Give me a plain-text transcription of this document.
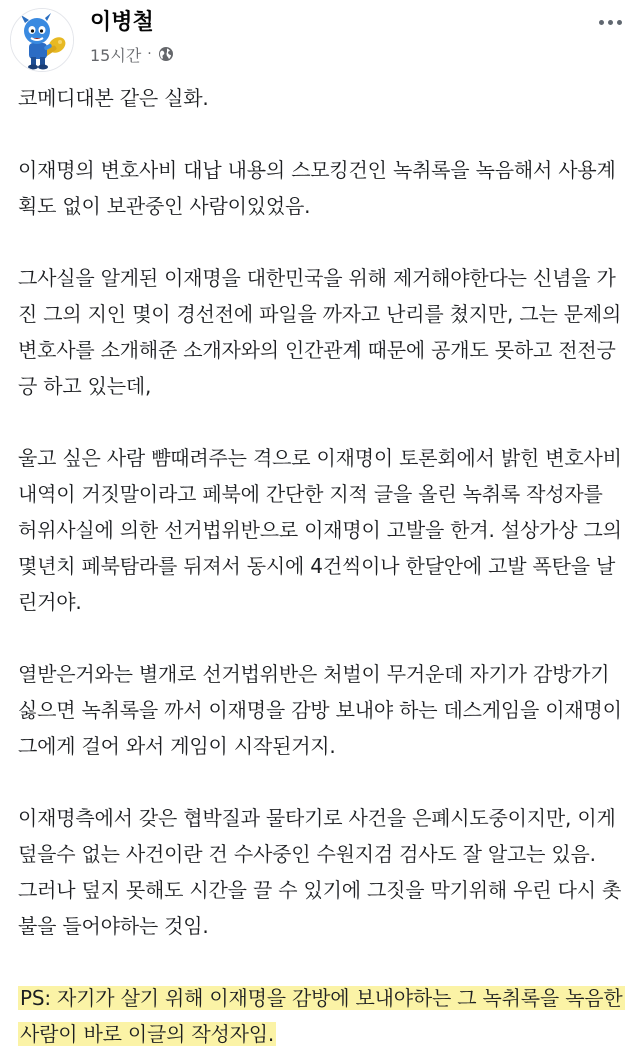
이병철
15시간 ·

코메디대본 같은 실화.

이재명의 변호사비 대납 내용의 스모킹건인 녹취록을 녹음해서 사용계획도 없이 보관중인 사람이있었음.

그사실을 알게된 이재명을 대한민국을 위해 제거해야한다는 신념을 가진 그의 지인 몇이 경선전에 파일을 까자고 난리를 쳤지만, 그는 문제의 변호사를 소개해준 소개자와의 인간관계 때문에 공개도 못하고 전전긍긍 하고 있는데,

울고 싶은 사람 뺨때려주는 격으로 이재명이 토론회에서 밝힌 변호사비 내역이 거짓말이라고 페북에 간단한 지적 글을 올린 녹취록 작성자를 허위사실에 의한 선거법위반으로 이재명이 고발을 한겨. 설상가상 그의 몇년치 페북탐라를 뒤져서 동시에 4건씩이나 한달안에 고발 폭탄을 날린거야.

열받은거와는 별개로 선거법위반은 처벌이 무거운데 자기가 감방가기 싫으면 녹취록을 까서 이재명을 감방 보내야 하는 데스게임을 이재명이 그에게 걸어 와서 게임이 시작된거지.

이재명측에서 갖은 협박질과 물타기로 사건을 은폐시도중이지만, 이게 덮을수 없는 사건이란 건 수사중인 수원지검 검사도 잘 알고는 있음.
그러나 덮지 못해도 시간을 끌 수 있기에 그짓을 막기위해 우린 다시 촛불을 들어야하는 것임.

PS: 자기가 살기 위해 이재명을 감방에 보내야하는 그 녹취록을 녹음한 사람이 바로 이글의 작성자임.
